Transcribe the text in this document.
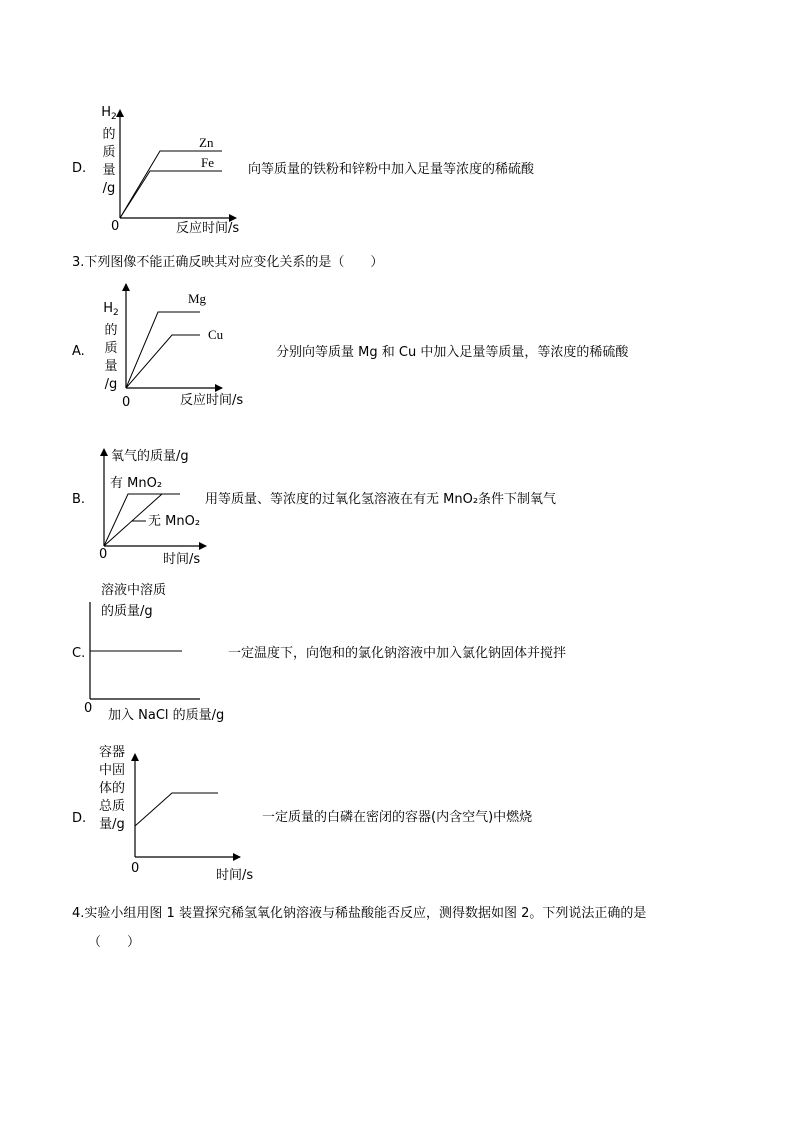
D.
$H_2$
的
质
量
/g
Zn
Fe
0	反应时间/s
向等质量的铁粉和锌粉中加入足量等浓度的稀硫酸
3.下列图像不能正确反映其对应变化关系的是（　　）
A.
$H_2$
的
质
量
/g
Mg
Cu
0	反应时间/s
分别向等质量 Mg 和 Cu 中加入足量等质量，等浓度的稀硫酸
B.
氧气的质量/g
有 MnO₂
无 MnO₂
0	时间/s
用等质量、等浓度的过氧化氢溶液在有无 MnO₂条件下制氧气
C.
溶液中溶质
的质量/g
0 加入 NaCl 的质量/g
一定温度下，向饱和的氯化钠溶液中加入氯化钠固体并搅拌
D.
容器
中固
体的
总质
量/g
0	时间/s
一定质量的白磷在密闭的容器(内含空气)中燃烧
4.实验小组用图 1 装置探究稀氢氧化钠溶液与稀盐酸能否反应，测得数据如图 2。下列说法正确的是
（　　）
